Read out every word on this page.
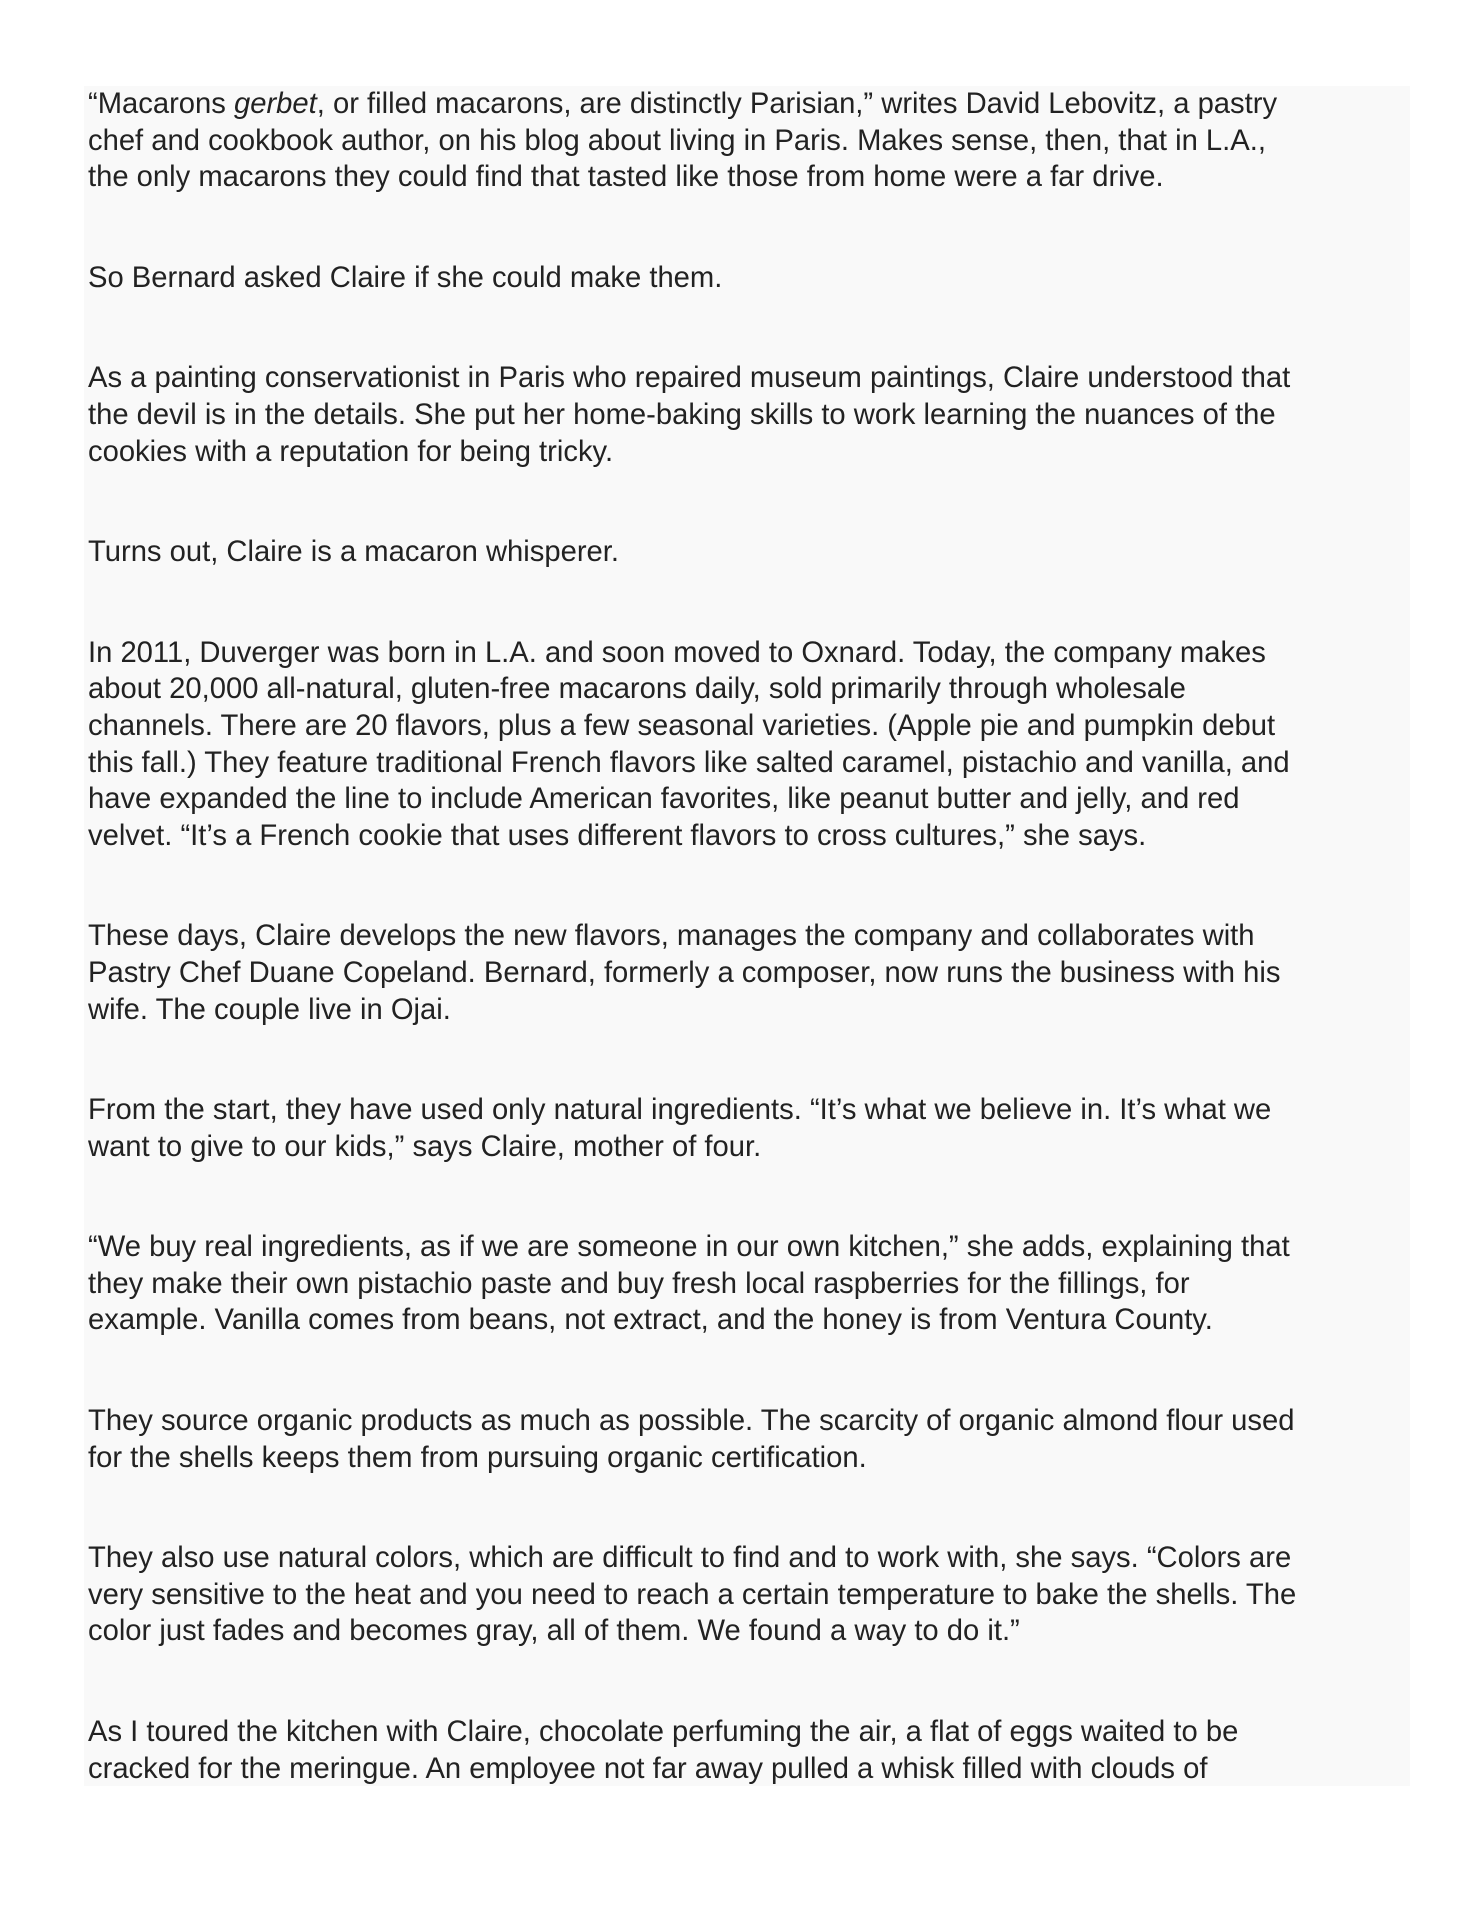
“Macarons gerbet, or filled macarons, are distinctly Parisian,” writes David Lebovitz, a pastry
chef and cookbook author, on his blog about living in Paris. Makes sense, then, that in L.A.,
the only macarons they could find that tasted like those from home were a far drive.

So Bernard asked Claire if she could make them.

As a painting conservationist in Paris who repaired museum paintings, Claire understood that
the devil is in the details. She put her home-baking skills to work learning the nuances of the
cookies with a reputation for being tricky.

Turns out, Claire is a macaron whisperer.

In 2011, Duverger was born in L.A. and soon moved to Oxnard. Today, the company makes
about 20,000 all-natural, gluten-free macarons daily, sold primarily through wholesale
channels. There are 20 flavors, plus a few seasonal varieties. (Apple pie and pumpkin debut
this fall.) They feature traditional French flavors like salted caramel, pistachio and vanilla, and
have expanded the line to include American favorites, like peanut butter and jelly, and red
velvet. “It’s a French cookie that uses different flavors to cross cultures,” she says.

These days, Claire develops the new flavors, manages the company and collaborates with
Pastry Chef Duane Copeland. Bernard, formerly a composer, now runs the business with his
wife. The couple live in Ojai.

From the start, they have used only natural ingredients. “It’s what we believe in. It’s what we
want to give to our kids,” says Claire, mother of four.

“We buy real ingredients, as if we are someone in our own kitchen,” she adds, explaining that
they make their own pistachio paste and buy fresh local raspberries for the fillings, for
example. Vanilla comes from beans, not extract, and the honey is from Ventura County.

They source organic products as much as possible. The scarcity of organic almond flour used
for the shells keeps them from pursuing organic certification.

They also use natural colors, which are difficult to find and to work with, she says. “Colors are
very sensitive to the heat and you need to reach a certain temperature to bake the shells. The
color just fades and becomes gray, all of them. We found a way to do it.”

As I toured the kitchen with Claire, chocolate perfuming the air, a flat of eggs waited to be
cracked for the meringue. An employee not far away pulled a whisk filled with clouds of
